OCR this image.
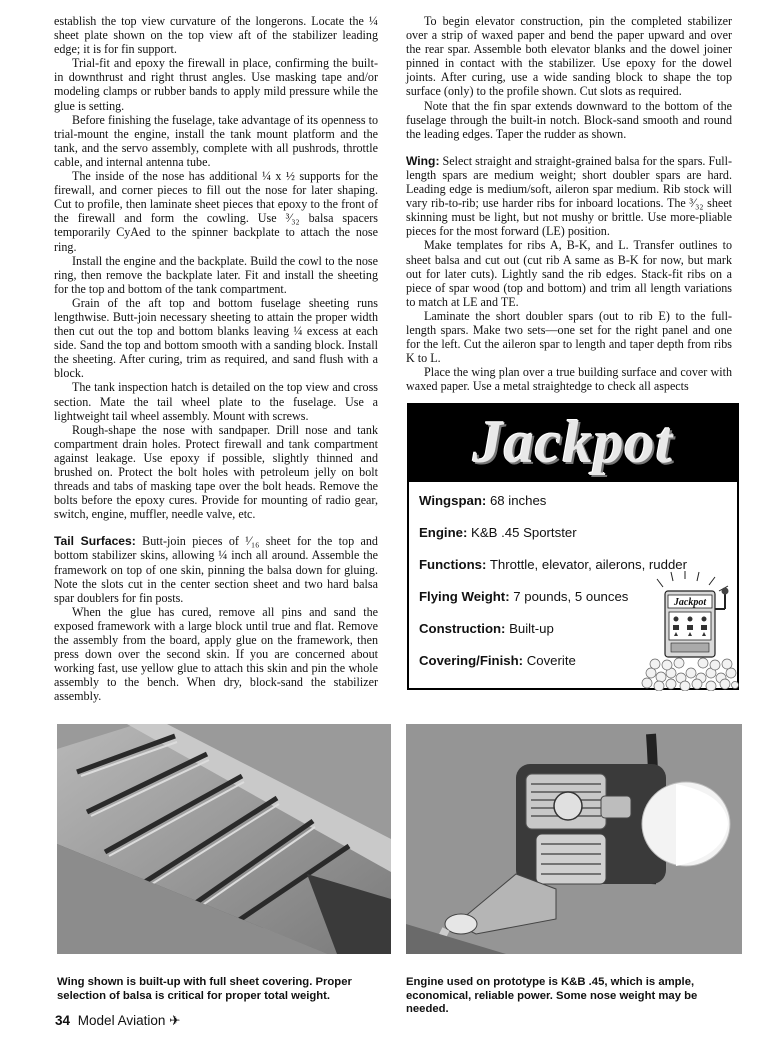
establish the top view curvature of the longerons. Locate the ¼ sheet plate shown on the top view aft of the stabilizer leading edge; it is for fin support.

Trial-fit and epoxy the firewall in place, confirming the built-in downthrust and right thrust angles. Use masking tape and/or modeling clamps or rubber bands to apply mild pressure while the glue is setting.

Before finishing the fuselage, take advantage of its openness to trial-mount the engine, install the tank mount platform and the tank, and the servo assembly, complete with all pushrods, throttle cable, and internal antenna tube.

The inside of the nose has additional ¼ x ½ supports for the firewall, and corner pieces to fill out the nose for later shaping. Cut to profile, then laminate sheet pieces that epoxy to the front of the firewall and form the cowling. Use ³⁄₃₂ balsa spacers temporarily CyAed to the spinner backplate to attach the nose ring.

Install the engine and the backplate. Build the cowl to the nose ring, then remove the backplate later. Fit and install the sheeting for the top and bottom of the tank compartment.

Grain of the aft top and bottom fuselage sheeting runs lengthwise. Butt-join necessary sheeting to attain the proper width then cut out the top and bottom blanks leaving ¼ excess at each side. Sand the top and bottom smooth with a sanding block. Install the sheeting. After curing, trim as required, and sand flush with a block.

The tank inspection hatch is detailed on the top view and cross section. Mate the tail wheel plate to the fuselage. Use a lightweight tail wheel assembly. Mount with screws.

Rough-shape the nose with sandpaper. Drill nose and tank compartment drain holes. Protect firewall and tank compartment against leakage. Use epoxy if possible, slightly thinned and brushed on. Protect the bolt holes with petroleum jelly on bolt threads and tabs of masking tape over the bolt heads. Remove the bolts before the epoxy cures. Provide for mounting of radio gear, switch, engine, muffler, needle valve, etc.

Tail Surfaces: Butt-join pieces of ¹⁄₁₆ sheet for the top and bottom stabilizer skins, allowing ¼ inch all around. Assemble the framework on top of one skin, pinning the balsa down for gluing. Note the slots cut in the center section sheet and two hard balsa spar doublers for fin posts.

When the glue has cured, remove all pins and sand the exposed framework with a large block until true and flat. Remove the assembly from the board, apply glue on the framework, then press down over the second skin. If you are concerned about working fast, use yellow glue to attach this skin and pin the whole assembly to the bench. When dry, block-sand the stabilizer assembly.

To begin elevator construction, pin the completed stabilizer over a strip of waxed paper and bend the paper upward and over the rear spar. Assemble both elevator blanks and the dowel joiner pinned in contact with the stabilizer. Use epoxy for the dowel joints. After curing, use a wide sanding block to shape the top surface (only) to the profile shown. Cut slots as required.

Note that the fin spar extends downward to the bottom of the fuselage through the built-in notch. Block-sand smooth and round the leading edges. Taper the rudder as shown.

Wing: Select straight and straight-grained balsa for the spars. Full-length spars are medium weight; short doubler spars are hard. Leading edge is medium/soft, aileron spar medium. Rib stock will vary rib-to-rib; use harder ribs for inboard locations. The ³⁄₃₂ sheet skinning must be light, but not mushy or brittle. Use more-pliable pieces for the most forward (LE) position.

Make templates for ribs A, B-K, and L. Transfer outlines to sheet balsa and cut out (cut rib A same as B-K for now, but mark out for later cuts). Lightly sand the rib edges. Stack-fit ribs on a piece of spar wood (top and bottom) and trim all length variations to match at LE and TE.

Laminate the short doubler spars (out to rib E) to the full-length spars. Make two sets—one set for the right panel and one for the left. Cut the aileron spar to length and taper depth from ribs K to L.

Place the wing plan over a true building surface and cover with waxed paper. Use a metal straightedge to check all aspects

Jackpot
Wingspan: 68 inches
Engine: K&B .45 Sportster
Functions: Throttle, elevator, ailerons, rudder
Flying Weight: 7 pounds, 5 ounces
Construction: Built-up
Covering/Finish: Coverite
Jackpot
Wing shown is built-up with full sheet covering. Proper selection of balsa is critical for proper total weight.
Engine used on prototype is K&B .45, which is ample, economical, reliable power. Some nose weight may be needed.
34 Model Aviation ✈
